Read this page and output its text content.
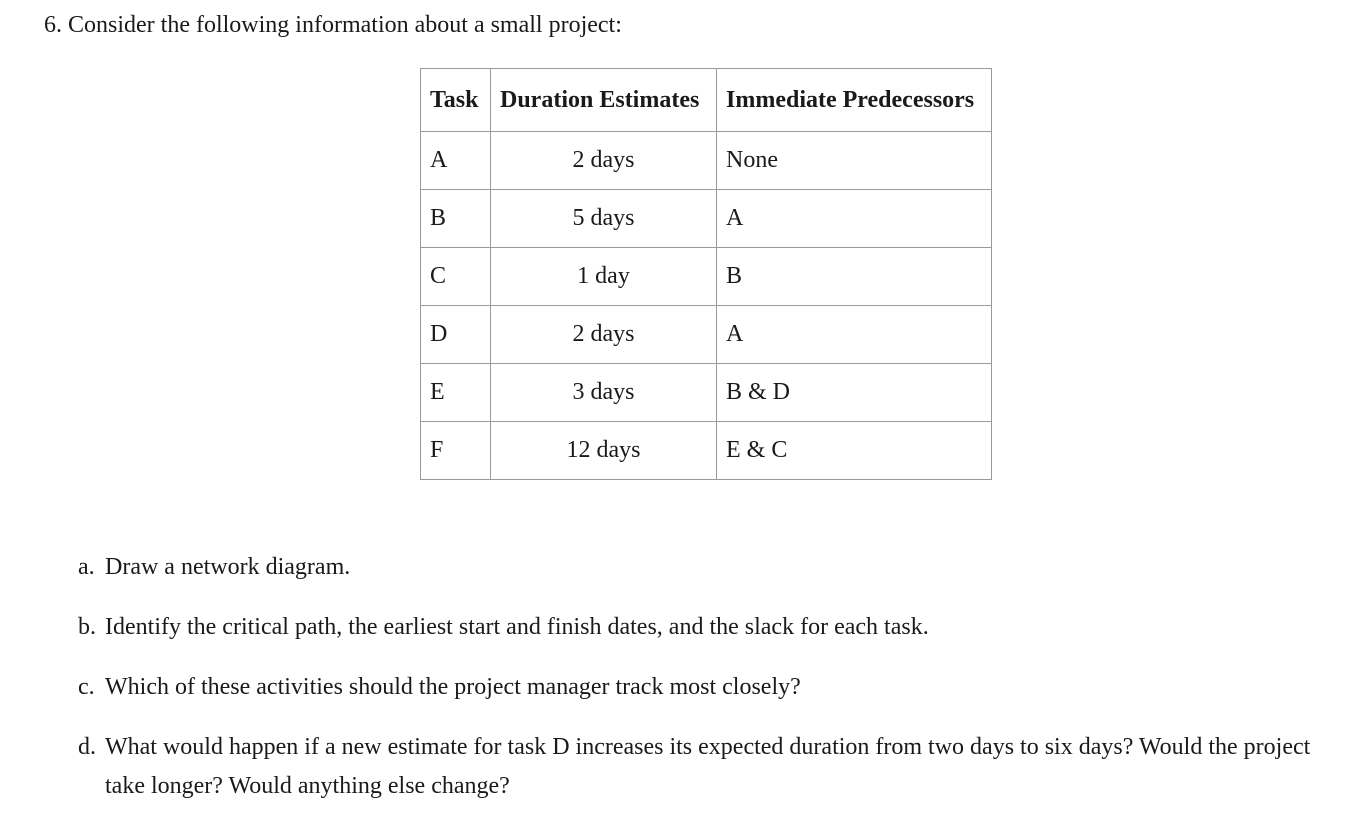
6. Consider the following information about a small project:
Task	Duration Estimates	Immediate Predecessors
A	2 days	None
B	5 days	A
C	1 day	B
D	2 days	A
E	3 days	B & D
F	12 days	E & C
a. Draw a network diagram.
b. Identify the critical path, the earliest start and finish dates, and the slack for each task.
c. Which of these activities should the project manager track most closely?
d. What would happen if a new estimate for task D increases its expected duration from two days to six days? Would the project take longer? Would anything else change?
